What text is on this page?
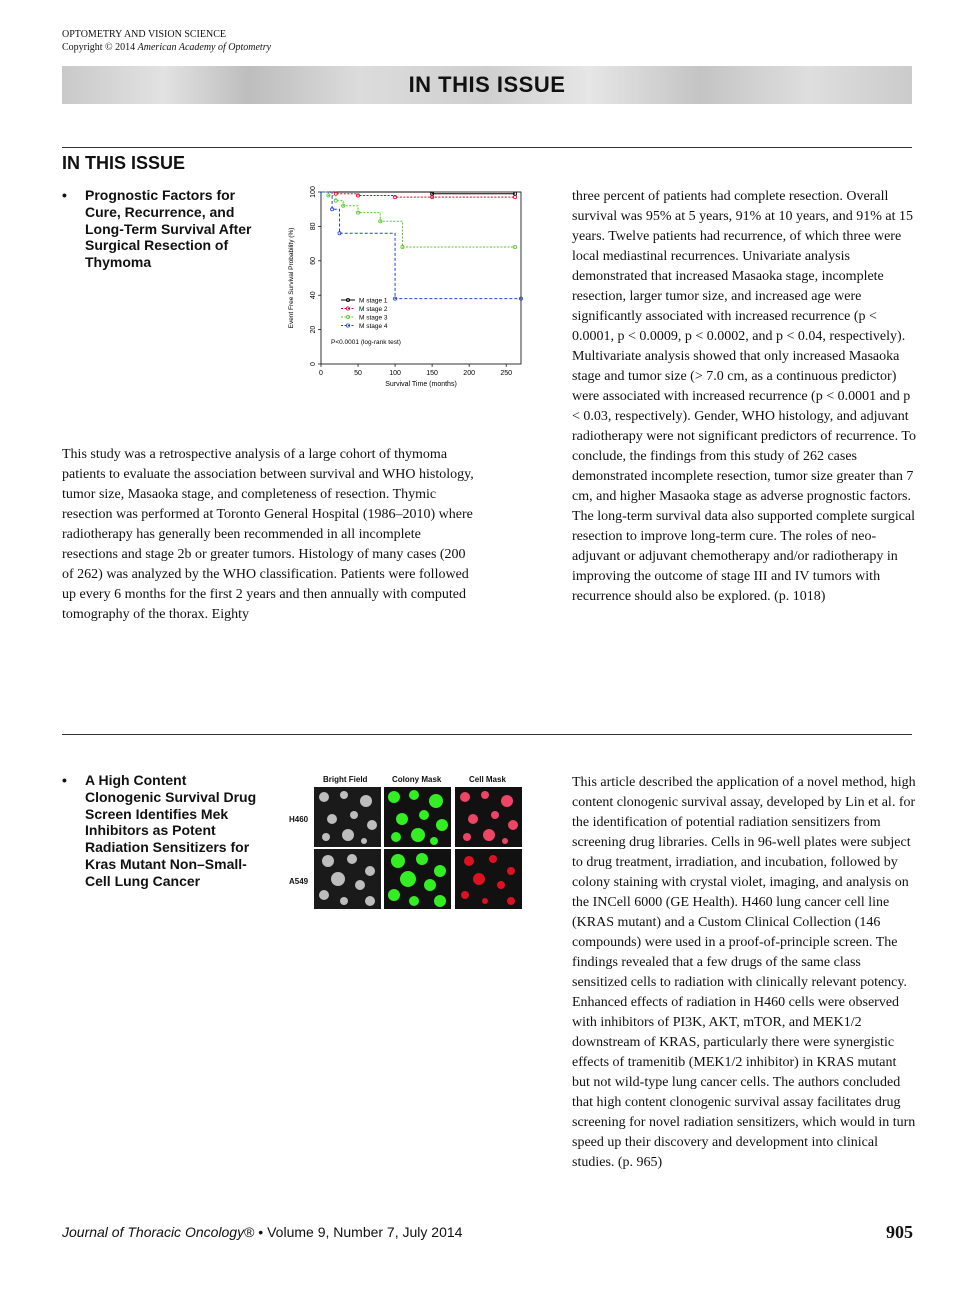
OPTOMETRY AND VISION SCIENCE
Copyright © 2014 American Academy of Optometry
IN THIS ISSUE
IN THIS ISSUE
• Prognostic Factors for Cure, Recurrence, and Long-Term Survival After Surgical Resection of Thymoma
0	50	100	150	200	250
0
20
40
60
80
100
Survival Time (months)
Event Free Survival Probability (%)	M stage 1
M stage 2
M stage 3
M stage 4
P<0.0001 (log-rank test)
This study was a retrospective analysis of a large cohort of thymoma patients to evaluate the association between survival and WHO histology, tumor size, Masaoka stage, and completeness of resection. Thymic resection was performed at Toronto General Hospital (1986–2010) where radiotherapy has generally been recommended in all incomplete resections and stage 2b or greater tumors. Histology of many cases (200 of 262) was analyzed by the WHO classification. Patients were followed up every 6 months for the first 2 years and then annually with computed tomography of the thorax. Eighty
three percent of patients had complete resection. Overall survival was 95% at 5 years, 91% at 10 years, and 91% at 15 years. Twelve patients had recurrence, of which three were local mediastinal recurrences. Univariate analysis demonstrated that increased Masaoka stage, incomplete resection, larger tumor size, and increased age were significantly associated with increased recurrence (p < 0.0001, p < 0.0009, p < 0.0002, and p < 0.04, respectively). Multivariate analysis showed that only increased Masaoka stage and tumor size (> 7.0 cm, as a continuous predictor) were associated with increased recurrence (p < 0.0001 and p < 0.03, respectively). Gender, WHO histology, and adjuvant radiotherapy were not significant predictors of recurrence. To conclude, the findings from this study of 262 cases demonstrated incomplete resection, tumor size greater than 7 cm, and higher Masaoka stage as adverse prognostic factors. The long-term survival data also supported complete surgical resection to improve long-term cure. The roles of neo-adjuvant or adjuvant chemotherapy and/or radiotherapy in improving the outcome of stage III and IV tumors with recurrence should also be explored. (p. 1018)
• A High Content Clonogenic Survival Drug Screen Identifies Mek Inhibitors as Potent Radiation Sensitizers for Kras Mutant Non–Small-Cell Lung Cancer
Bright Field	Colony Mask	Cell Mask
H460
A549
This article described the application of a novel method, high content clonogenic survival assay, developed by Lin et al. for the identification of potential radiation sensitizers from screening drug libraries. Cells in 96-well plates were subject to drug treatment, irradiation, and incubation, followed by colony staining with crystal violet, imaging, and analysis on the INCell 6000 (GE Health). H460 lung cancer cell line (KRAS mutant) and a Custom Clinical Collection (146 compounds) were used in a proof-of-principle screen. The findings revealed that a few drugs of the same class sensitized cells to radiation with clinically relevant potency. Enhanced effects of radiation in H460 cells were observed with inhibitors of PI3K, AKT, mTOR, and MEK1/2 downstream of KRAS, particularly there were synergistic effects of tramenitib (MEK1/2 inhibitor) in KRAS mutant but not wild-type lung cancer cells. The authors concluded that high content clonogenic survival assay facilitates drug screening for novel radiation sensitizers, which would in turn speed up their discovery and development into clinical studies. (p. 965)
Journal of Thoracic Oncology® • Volume 9, Number 7, July 2014	905
